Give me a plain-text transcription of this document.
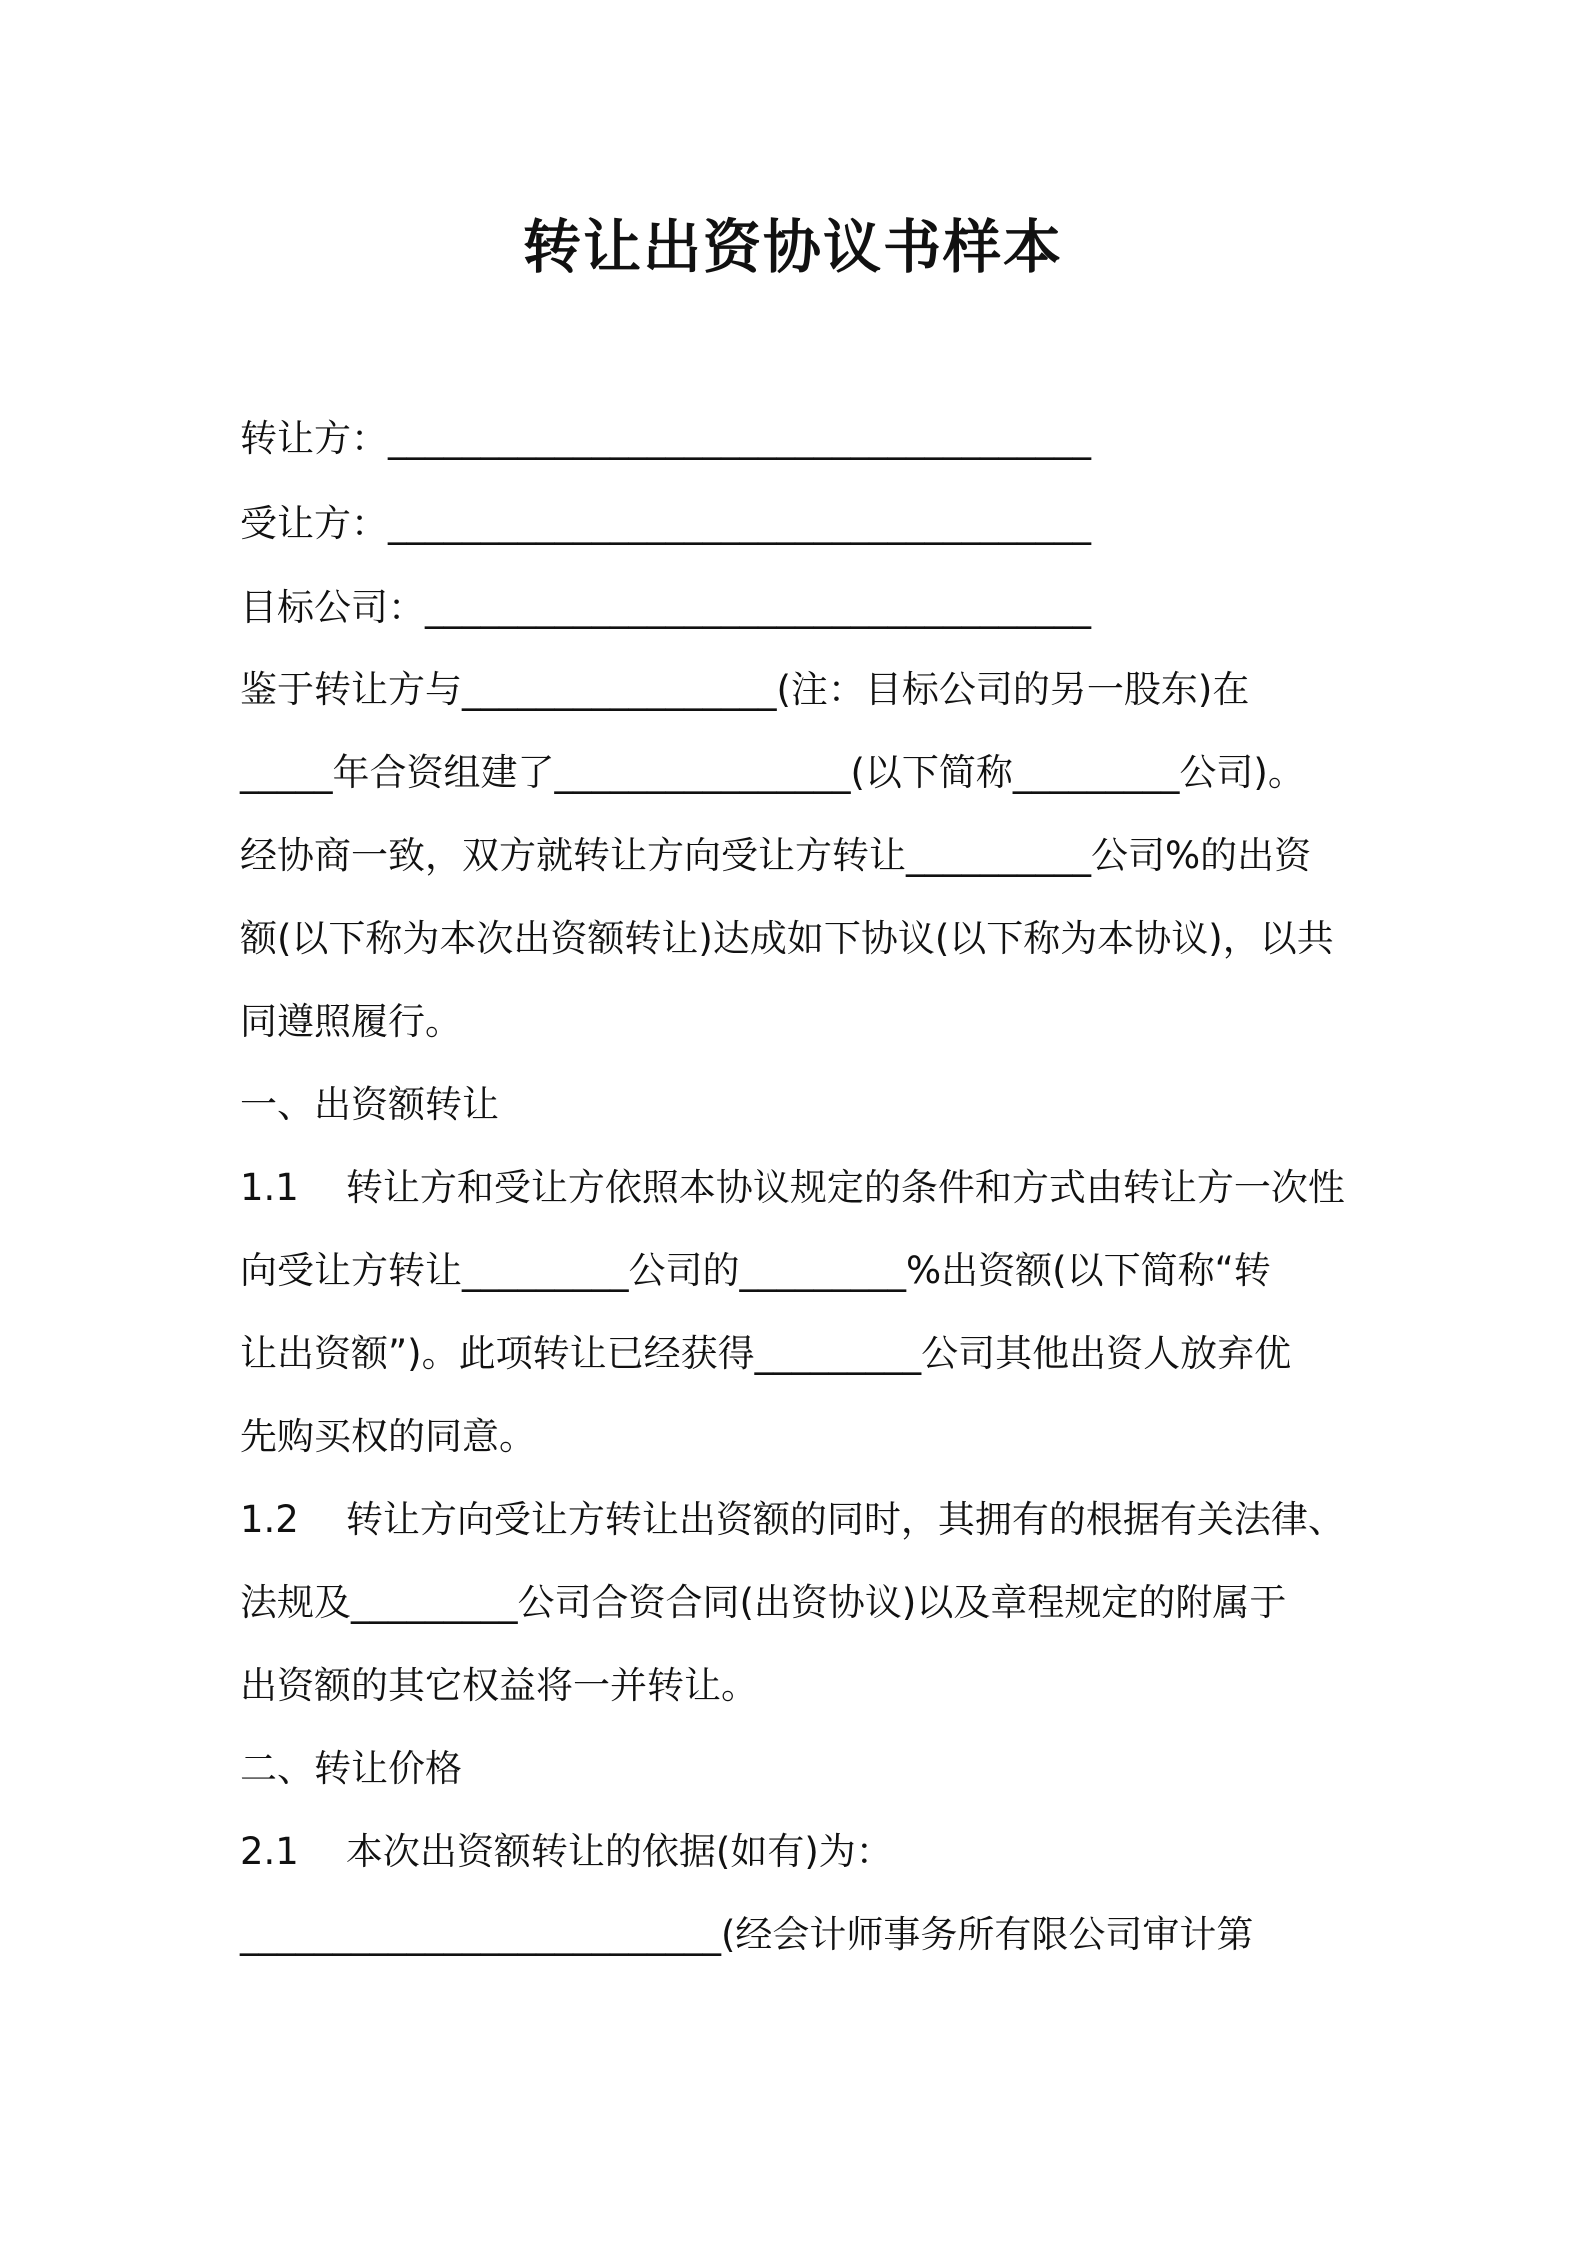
转让出资协议书样本
转让方：______________________________________
受让方：______________________________________
目标公司：____________________________________
鉴于转让方与_________________(注：目标公司的另一股东)在
_____年合资组建了________________(以下简称_________公司)。
经协商一致，双方就转让方向受让方转让__________公司%的出资
额(以下称为本次出资额转让)达成如下协议(以下称为本协议)，以共
同遵照履行。
一、出资额转让
1.1    转让方和受让方依照本协议规定的条件和方式由转让方一次性
向受让方转让_________公司的_________%出资额(以下简称“转
让出资额”)。此项转让已经获得_________公司其他出资人放弃优
先购买权的同意。
1.2    转让方向受让方转让出资额的同时，其拥有的根据有关法律、
法规及_________公司合资合同(出资协议)以及章程规定的附属于
出资额的其它权益将一并转让。
二、转让价格
2.1    本次出资额转让的依据(如有)为：
__________________________(经会计师事务所有限公司审计第
